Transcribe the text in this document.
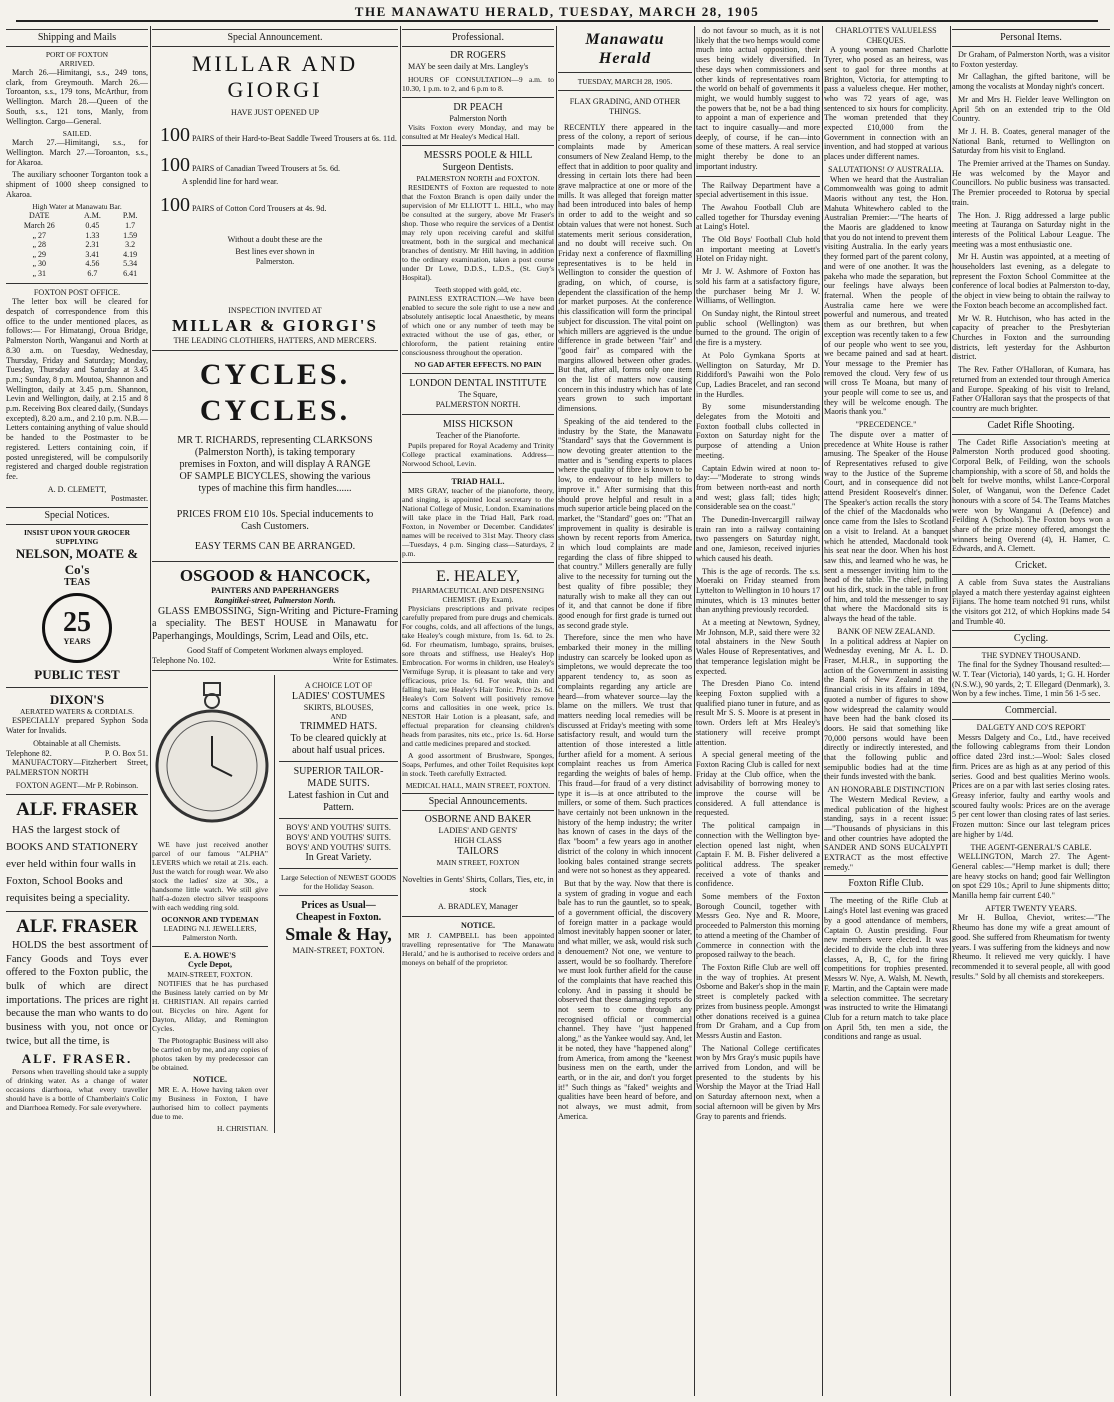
THE MANAWATU HERALD, TUESDAY, MARCH 28, 1905
Shipping and Mails
PORT OF FOXTON
ARRIVED.

March 26.—Himitangi, s.s., 249 tons, clark, from Greymouth. March 26.—Toroanton, s.s., 179 tons, McArthur, from Wellington. March 28.—Queen of the South, s.s., 121 tons, Manly, from Wellington. Cargo—General.

SAILED.

March 27.—Himitangi, s.s., for Wellington. March 27.—Toroanton, s.s., for Akaroa.

The auxiliary schooner Torganton took a shipment of 1000 sheep consigned to Akaroa.

High Water at Manawatu Bar.
DATE	A.M.	P.M.
March 26	0.45	1.7
„ 27	1.33	1.59
„ 28	2.31	3.2
„ 29	3.41	4.19
„ 30	4.56	5.34
„ 31	6.7	6.41
FOXTON POST OFFICE.

The letter box will be cleared for despatch of correspondence from this office to the under mentioned places, as follows:— For Himatangi, Oroua Bridge, Palmerston North, Wanganui and North at 8.30 a.m. on Tuesday, Wednesday, Thursday, Friday and Saturday; Monday, Tuesday, Thursday and Saturday at 3.45 p.m.; Sunday, 8 p.m. Moutoa, Shannon and Wellington, daily at 3.45 p.m. Shannon, Levin and Wellington, daily, at 2.15 and 8 p.m. Receiving Box cleared daily, (Sundays excepted), 8.20 a.m., and 2.10 p.m. N.B.—Letters containing anything of value should be handed to the Postmaster to be registered. Letters containing coin, if posted unregistered, will be compulsorily registered and charged double registration fee.

A. D. CLEMETT,
Postmaster.
Special Notices.
INSIST UPON YOUR GROCER SUPPLYING
NELSON, MOATE & Co's
TEAS
25
YEARS
PUBLIC TEST
DIXON'S
AERATED WATERS & CORDIALS.

ESPECIALLY prepared Syphon Soda Water for Invalids.

Obtainable at all Chemists.
Telephone 82.	P. O. Box 51.

MANUFACTORY—Fitzherbert Street, PALMERSTON NORTH

FOXTON AGENT—Mr P. Robinson.
ALF. FRASER

HAS the largest stock of BOOKS AND STATIONERY ever held within four walls in Foxton, School Books and requisites being a speciality.

ALF. FRASER

HOLDS the best assortment of Fancy Goods and Toys ever offered to the Foxton public, the bulk of which are direct importations. The prices are right because the man who wants to do business with you, not once or twice, but all the time, is

ALF. FRASER.

Persons when travelling should take a supply of drinking water. As a change of water occasions diarrhoea, what every traveller should have is a bottle of Chamberlain's Colic and Diarrhoea Remedy. For sale everywhere.

Special Announcement.
MILLAR AND GIORGI
HAVE JUST OPENED UP
100 PAIRS of their Hard-to-Beat Saddle Tweed Trousers at 6s. 11d.
100 PAIRS of Canadian Tweed Trousers at 5s. 6d.
A splendid line for hard wear.
100 PAIRS of Cotton Cord Trousers at 4s. 9d.
Without a doubt these are the
Best lines ever shown in
Palmerston.
INSPECTION INVITED AT
MILLAR & GIORGI'S
THE LEADING CLOTHIERS, HATTERS, AND MERCERS.
CYCLES. CYCLES.
MR T. RICHARDS, representing CLARKSONS
(Palmerston North), is taking temporary
premises in Foxton, and will display A RANGE
OF SAMPLE BICYCLES, showing the various
types of machine this firm handles......
PRICES FROM £10 10s. Special inducements to
Cash Customers.
EASY TERMS CAN BE ARRANGED.
OSGOOD & HANCOCK,
PAINTERS AND PAPERHANGERS
Rangitikei-street, Palmerston North.

GLASS EMBOSSING, Sign-Writing and Picture-Framing a speciality. The BEST HOUSE in Manawatu for Paperhangings, Mouldings, Scrim, Lead and Oils, etc.

Good Staff of Competent Workmen always employed.
Telephone No. 102.	Write for Estimates.

WE have just received another parcel of our famous "ALPHA" LEVERS which we retail at 21s. each. Just the watch for rough wear. We also stock the ladies' size at 30s., a handsome little watch. We still give half-a-dozen electro silver teaspoons with each wedding ring sold.

OCONNOR AND TYDEMAN
LEADING N.I. JEWELLERS,
Palmerston North.
E. A. HOWE'S
Cycle Depot,
MAIN-STREET, FOXTON.

NOTIFIES that he has purchased the Business lately carried on by Mr H. CHRISTIAN. All repairs carried out. Bicycles on hire. Agent for Dayton, Allday, and Remington Cycles.

The Photographic Business will also be carried on by me, and any copies of photos taken by my predecessor can be obtained.

NOTICE.

MR E. A. Howe having taken over my Business in Foxton, I have authorised him to collect payments due to me.

H. CHRISTIAN.
A CHOICE LOT OF
LADIES' COSTUMES
SKIRTS, BLOUSES,
AND
TRIMMED HATS.
To be cleared quickly at about half usual prices.
SUPERIOR TAILOR-MADE SUITS.
Latest fashion in Cut and Pattern.
BOYS' AND YOUTHS' SUITS.
BOYS' AND YOUTHS' SUITS.
BOYS' AND YOUTHS' SUITS.
In Great Variety.
Large Selection of NEWEST GOODS for the Holiday Season.
Prices as Usual—
Cheapest in Foxton.
Smale & Hay,
MAIN-STREET, FOXTON.
Professional.
DR ROGERS

MAY be seen daily at Mrs. Langley's

HOURS OF CONSULTATION—9 a.m. to 10.30, 1 p.m. to 2, and 6 p.m to 8.

DR PEACH
Palmerston North

Visits Foxton every Monday, and may be consulted at Mr Healey's Medical Hall.

MESSRS POOLE & HILL
Surgeon Dentists.
PALMERSTON NORTH and FOXTON.

RESIDENTS of Foxton are requested to note that the Foxton Branch is open daily under the supervision of Mr ELLIOTT L. HILL, who may be consulted at the surgery, above Mr Fraser's shop. Those who require the services of a Dentist may rely upon receiving careful and skilful treatment, both in the surgical and mechanical branches of dentistry. Mr Hill having, in addition to the ordinary examination, taken a post course under Dr Lowe, D.D.S., L.D.S., (St. Guy's Hospital).

Teeth stopped with gold, etc.

PAINLESS EXTRACTION.—We have been enabled to secure the sole right to use a new and absolutely antiseptic local Anaesthetic, by means of which one or any number of teeth may be extracted without the use of gas, ether, or chloroform, the patient retaining entire consciousness throughout the operation.

NO GAD AFTER EFFECTS. NO PAIN
LONDON DENTAL INSTITUTE
The Square,
PALMERSTON NORTH.
MISS HICKSON
Teacher of the Pianoforte.

Pupils prepared for Royal Academy and Trinity College practical examinations. Address—Norwood School, Levin.

TRIAD HALL.

MRS GRAY, teacher of the pianoforte, theory, and singing, is appointed local secretary to the National College of Music, London. Examinations will take place in the Triad Hall, Park road, Foxton, in November or December. Candidates' names will be received to 31st May. Theory class—Tuesdays, 4 p.m. Singing class—Saturdays, 2 p.m.

E. HEALEY,
PHARMACEUTICAL AND DISPENSING CHEMIST. (By Exam).

Physicians prescriptions and private recipes carefully prepared from pure drugs and chemicals. For coughs, colds, and all affections of the lungs, take Healey's cough mixture, from 1s. 6d. to 2s. 6d. For rheumatism, lumbago, sprains, bruises, sore throats and stiffness, use Healey's Hop Embrocation. For worms in children, use Healey's Vermifuge Syrup, it is pleasant to take and very efficacious, price 1s. 6d. For weak, thin and falling hair, use Healey's Hair Tonic. Price 2s. 6d. Healey's Corn Solvent will positively remove corns and callosities in one week, price 1s. NESTOR Hair Lotion is a pleasant, safe, and effectual preparation for cleansing children's heads from parasites, nits etc., price 1s. 6d. Horse and cattle medicines prepared and stocked.

A good assortment of Brushware, Sponges, Soaps, Perfumes, and other Toilet Requisites kept in stock. Teeth carefully Extracted.

MEDICAL HALL, MAIN STREET, FOXTON.
Special Announcements.
OSBORNE AND BAKER
LADIES' AND GENTS'
HIGH CLASS
TAILORS
MAIN STREET, FOXTON
Novelties in Gents' Shirts, Collars, Ties, etc, in stock
A. BRADLEY, Manager
NOTICE.

MR J. CAMPBELL has been appointed travelling representative for 'The Manawatu Herald,' and he is authorised to receive orders and moneys on behalf of the proprietor.

Manawatu Herald
TUESDAY, MARCH 28, 1905.
FLAX GRADING, AND OTHER THINGS.

RECENTLY there appeared in the press of the colony, a report of serious complaints made by American consumers of New Zealand Hemp, to the effect that in addition to poor quality and dressing in certain lots there had been grave malpractice at one or more of the mills. It was alleged that foreign matter had been introduced into bales of hemp in order to add to the weight and so obtain values that were not honest. Such statements merit serious consideration, and no doubt will receive such. On Friday next a conference of flaxmilling representatives is to be held in Wellington to consider the question of grading, on which, of course, is dependent the classification of the hemp for market purposes. At the conference this classification will form the principal subject for discussion. The vital point on which millers are aggrieved is the undue difference in grade between "fair" and "good fair" as compared with the margins allowed between other grades. But that, after all, forms only one item on the list of matters now causing concern in this industry which has of late years grown to such important dimensions.

Speaking of the aid tendered to the industry by the State, the Manawatu "Standard" says that the Government is now devoting greater attention to the matter and is "sending experts to places where the quality of fibre is known to be low, to endeavour to help millers to improve it." After surmising that this should prove helpful and result in a much superior article being placed on the market, the "Standard" goes on: "That an improvement in quality is desirable is shown by recent reports from America, in which loud complaints are made regarding the class of fibre shipped to that country." Millers generally are fully alive to the necessity for turning out the best quality of fibre possible; they naturally wish to make all they can out of it, and that cannot be done if fibre good enough for first grade is turned out as second grade style.

Therefore, since the men who have embarked their money in the milling industry can scarcely be looked upon as simpletons, we would deprecate the too apparent tendency to, as soon as complaints regarding any article are heard—from whatever source—lay the blame on the millers. We trust that matters needing local remedies will be discussed at Friday's meeting with some satisfactory result, and would turn the attention of those interested a little further afield for a moment. A serious complaint reaches us from America regarding the weights of bales of hemp. This fraud—for fraud of a very distinct type it is—is at once attributed to the millers, or some of them. Such practices have certainly not been unknown in the history of the hemp industry; the writer has known of cases in the days of the flax "boom" a few years ago in another district of the colony in which innocent looking bales contained strange secrets and were not so honest as they appeared.

But that by the way. Now that there is a system of grading in vogue and each bale has to run the gauntlet, so to speak, of a government official, the discovery of foreign matter in a package would almost inevitably happen sooner or later, and what miller, we ask, would risk such a denouement? Not one, we venture to assert, would be so foolhardy. Therefore we must look further afield for the cause of the complaints that have reached this colony. And in passing it should be observed that these damaging reports do not seem to come through any recognised official or commercial channel. They have "just happened along," as the Yankee would say. And, let it be noted, they have "happened along" from America, from among the "keenest business men on the earth, under the earth, or in the air, and don't you forget it!" Such things as "faked" weights and qualities have been heard of before, and not always, we must admit, from America.

do not favour so much, as it is not likely that the two hemps would come much into actual opposition, their uses being widely diversified. In these days when commissioners and other kinds of representatives roam the world on behalf of governments it might, we would humbly suggest to the powers that be, not be a bad thing to appoint a man of experience and tact to inquire casually—and more deeply, of course, if he can—into some of these matters. A real service might thereby be done to an important industry.

The Railway Department have a special advertisement in this issue.

The Awahou Football Club are called together for Thursday evening at Laing's Hotel.

The Old Boys' Football Club hold an important meeting at Lovett's Hotel on Friday night.

Mr J. W. Ashmore of Foxton has sold his farm at a satisfactory figure, the purchaser being Mr J. W. Williams, of Wellington.

On Sunday night, the Rintoul street public school (Wellington) was burned to the ground. The origin of the fire is a mystery.

At Polo Gymkana Sports at Wellington on Saturday, Mr D. Riddiford's Pawaihi won the Polo Cup, Ladies Bracelet, and ran second in the Hurdles.

By some misunderstanding delegates from the Motoiti and Foxton football clubs collected in Foxton on Saturday night for the purpose of attending a Union meeting.

Captain Edwin wired at noon to-day:—"Moderate to strong winds from between north-east and north and west; glass fall; tides high; considerable sea on the coast."

The Dunedin-Invercargill railway train ran into a railway containing two passengers on Saturday night, and one, Jamieson, received injuries which caused his death.

This is the age of records. The s.s. Moeraki on Friday steamed from Lyttelton to Wellington in 10 hours 17 minutes, which is 13 minutes better than anything previously recorded.

At a meeting at Newtown, Sydney, Mr Johnson, M.P., said there were 32 total abstainers in the New South Wales House of Representatives, and that temperance legislation might be expected.

The Dresden Piano Co. intend keeping Foxton supplied with a qualified piano tuner in future, and as result Mr S. S. Moore is at present in town. Orders left at Mrs Healey's stationery will receive prompt attention.

A special general meeting of the Foxton Racing Club is called for next Friday at the Club office, when the advisability of borrowing money to improve the course will be considered. A full attendance is requested.

The political campaign in connection with the Wellington bye-election opened last night, when Captain F. M. B. Fisher delivered a political address. The speaker received a vote of thanks and confidence.

Some members of the Foxton Borough Council, together with Messrs Geo. Nye and R. Moore, proceeded to Palmerston this morning to attend a meeting of the Chamber of Commerce in connection with the proposed railway to the beach.

The Foxton Rifle Club are well off in the way of trophies. At present Osborne and Baker's shop in the main street is completely packed with prizes from business people. Amongst other donations received is a guinea from Dr Graham, and a Cup from Messrs Austin and Easton.

The National College certificates won by Mrs Gray's music pupils have arrived from London, and will be presented to the students by his Worship the Mayor at the Triad Hall on Saturday afternoon next, when a social afternoon will be given by Mrs Gray to parents and friends.

CHARLOTTE'S VALUELESS CHEQUES.

A young woman named Charlotte Tyrer, who posed as an heiress, was sent to gaol for three months at Brighton, Victoria, for attempting to pass a valueless cheque. Her mother, who was 72 years of age, was sentenced to six hours for complicity. The woman pretended that they expected £10,000 from the Government in connection with an invention, and had stopped at various places under different names.

SALUTATIONS! O' AUSTRALIA.

When we heard that the Australian Commonwealth was going to admit Maoris without any test, the Hon. Mahuta Whitewhero cabled to the Australian Premier:—"The hearts of the Maoris are gladdened to know that you do not intend to prevent them visiting Australia. In the early years they formed part of the parent colony, and were of one another. It was the pakeha who made the separation, but our feelings have always been fraternal. When the people of Australia came here we were powerful and numerous, and treated them as our brethren, but when exception was recently taken to a few of our people who went to see you, we became pained and sad at heart. Your message to the Premier has removed the cloud. Very few of us will cross Te Moana, but many of your people will come to see us, and they will be welcome enough. The Maoris thank you."

"PRECEDENCE."

The dispute over a matter of precedence at White House is rather amusing. The Speaker of the House of Representatives refused to give way to the Justice of the Supreme Court, and in consequence did not attend President Roosevelt's dinner. The Speaker's action recalls the story of the chief of the Macdonalds who once came from the Isles to Scotland on a visit to Ireland. At a banquet which he attended, Macdonald took his seat near the door. When his host saw this, and learned who he was, he sent a messenger inviting him to the head of the table. The chief, pulling out his dirk, stuck in the table in front of him, and told the messenger to say that where the Macdonald sits is always the head of the table.

BANK OF NEW ZEALAND.

In a political address at Napier on Wednesday evening, Mr A. L. D. Fraser, M.H.R., in supporting the action of the Government in assisting the Bank of New Zealand at the financial crisis in its affairs in 1894, quoted a number of figures to show how widespread the calamity would have been had the bank closed its doors. He said that something like 70,000 persons would have been directly or indirectly interested, and that the following public and semipublic bodies had at the time their funds invested with the bank.

AN HONORABLE DISTINCTION

The Western Medical Review, a medical publication of the highest standing, says in a recent issue:—"Thousands of physicians in this and other countries have adopted the SANDER AND SONS EUCALYPTI EXTRACT as the most effective remedy."

Foxton Rifle Club.

The meeting of the Rifle Club at Laing's Hotel last evening was graced by a good attendance of members, Captain O. Austin presiding. Four new members were elected. It was decided to divide the club into three classes, A, B, C, for the firing competitions for trophies presented. Messrs W. Nye, A. Walsh, M. Newth, F. Martin, and the Captain were made a selection committee. The secretary was instructed to write the Himatangi Club for a return match to take place on April 5th, ten men a side, the conditions and range as usual.

Personal Items.

Dr Graham, of Palmerston North, was a visitor to Foxton yesterday.

Mr Callaghan, the gifted baritone, will be among the vocalists at Monday night's concert.

Mr and Mrs H. Fielder leave Wellington on April 5th on an extended trip to the Old Country.

Mr J. H. B. Coates, general manager of the National Bank, returned to Wellington on Saturday from his visit to England.

The Premier arrived at the Thames on Sunday. He was welcomed by the Mayor and Councillors. No public business was transacted. The Premier proceeded to Rotorua by special train.

The Hon. J. Rigg addressed a large public meeting at Tauranga on Saturday night in the interests of the Political Labour League. The meeting was a most enthusiastic one.

Mr H. Austin was appointed, at a meeting of householders last evening, as a delegate to represent the Foxton School Committee at the conference of local bodies at Palmerston to-day, the object in view being to obtain the railway to the Foxton beach become an accomplished fact.

Mr W. R. Hutchison, who has acted in the capacity of preacher to the Presbyterian Churches in Foxton and the surrounding districts, left yesterday for the Ashburton district.

The Rev. Father O'Halloran, of Kumara, has returned from an extended tour through America and Europe. Speaking of his visit to Ireland, Father O'Halloran says that the prospects of that country are much brighter.

Cadet Rifle Shooting.

The Cadet Rifle Association's meeting at Palmerston North produced good shooting. Corporal Belk, of Feilding, won the schools championship, with a score of 58, and holds the belt for twelve months, whilst Lance-Corporal Soler, of Wanganui, won the Defence Cadet honours with a score of 54. The Teams Matches were won by Wanganui A (Defence) and Feilding A (Schools). The Foxton boys won a share of the prize money offered, amongst the winners being Overend (4), H. Hamer, C. Edwards, and A. Clemett.

Cricket.

A cable from Suva states the Australians played a match there yesterday against eighteen Fijians. The home team notched 91 runs, whilst the visitors got 212, of which Hopkins made 54 and Trumble 40.

Cycling.
THE SYDNEY THOUSAND.

The final for the Sydney Thousand resulted:—W. T. Tear (Victoria), 140 yards, 1; G. H. Horder (N.S.W.), 90 yards, 2; T. Ellegard (Denmark), 3. Won by a few inches. Time, 1 min 56 1-5 sec.

Commercial.
DALGETY AND CO'S REPORT

Messrs Dalgety and Co., Ltd., have received the following cablegrams from their London office dated 23rd inst.:—Wool: Sales closed firm. Prices are as high as at any period of this series. Good and best qualities Merino wools. Prices are on a par with last series closing rates. Greasy inferior, faulty and earthy wools and scoured faulty wools: Prices are on the average 5 per cent lower than closing rates of last series. Frozen mutton: Since our last telegram prices are higher by 1/4d.

THE AGENT-GENERAL'S CABLE.

WELLINGTON, March 27. The Agent-General cables:—"Hemp market is dull; there are heavy stocks on hand; good fair Wellington on spot £29 10s.; April to June shipments ditto; Manilla hemp fair current £40."

AFTER TWENTY YEARS.

Mr H. Bulloa, Cheviot, writes:—"The Rheumo has done my wife a great amount of good. She suffered from Rheumatism for twenty years. I was suffering from the kidneys and now Rheumo. It relieved me very quickly. I have recommended it to several people, all with good results." Sold by all chemists and storekeepers.
